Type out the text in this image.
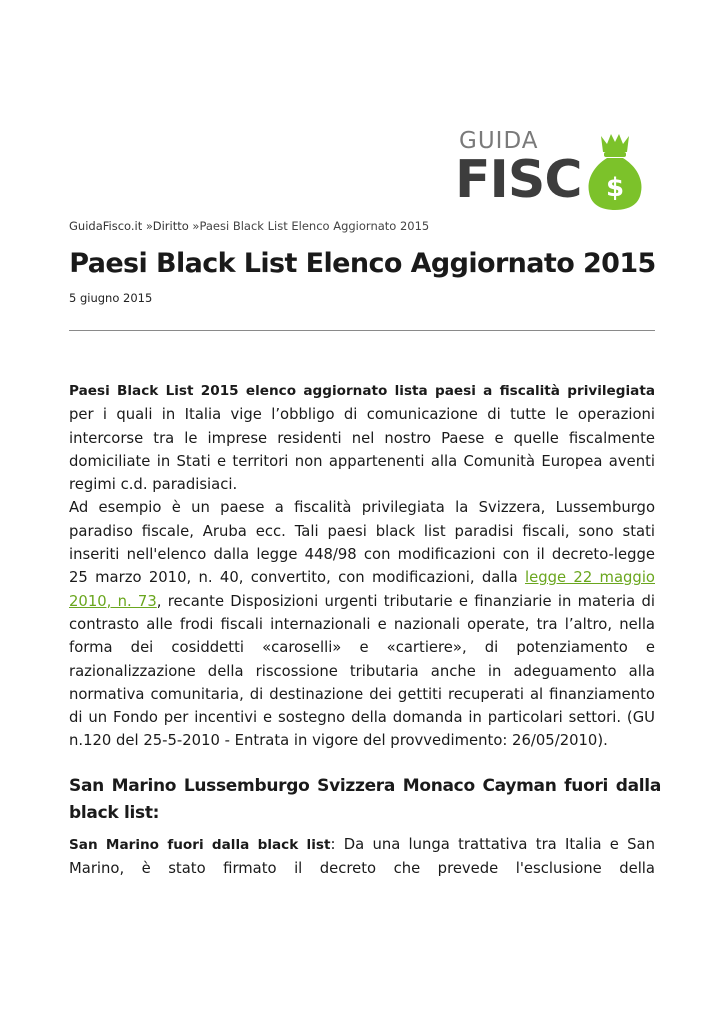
GUIDA
FISC $
GuidaFisco.it »Diritto »Paesi Black List Elenco Aggiornato 2015
Paesi Black List Elenco Aggiornato 2015
5 giugno 2015

Paesi Black List 2015 elenco aggiornato lista paesi a fiscalità privilegiata per i quali in Italia vige l’obbligo di comunicazione di tutte le operazioni intercorse tra le imprese residenti nel nostro Paese e quelle fiscalmente domiciliate in Stati e territori non appartenenti alla Comunità Europea aventi regimi c.d. paradisiaci.

Ad esempio è un paese a fiscalità privilegiata la Svizzera, Lussemburgo paradiso fiscale, Aruba ecc. Tali paesi black list paradisi fiscali, sono stati inseriti nell'elenco dalla legge 448/98 con modificazioni con il decreto-legge 25 marzo 2010, n. 40, convertito, con modificazioni, dalla legge 22 maggio 2010, n. 73, recante Disposizioni urgenti tributarie e finanziarie in materia di contrasto alle frodi fiscali internazionali e nazionali operate, tra l’altro, nella forma dei cosiddetti «caroselli» e «cartiere», di potenziamento e razionalizzazione della riscossione tributaria anche in adeguamento alla normativa comunitaria, di destinazione dei gettiti recuperati al finanziamento di un Fondo per incentivi e sostegno della domanda in particolari settori. (GU n.120 del 25-5-2010 - Entrata in vigore del provvedimento: 26/05/2010).

San Marino Lussemburgo Svizzera Monaco Cayman fuori dalla black list:
San Marino fuori dalla black list: Da una lunga trattativa tra Italia e San Marino, è stato firmato il decreto che prevede l'esclusione della
